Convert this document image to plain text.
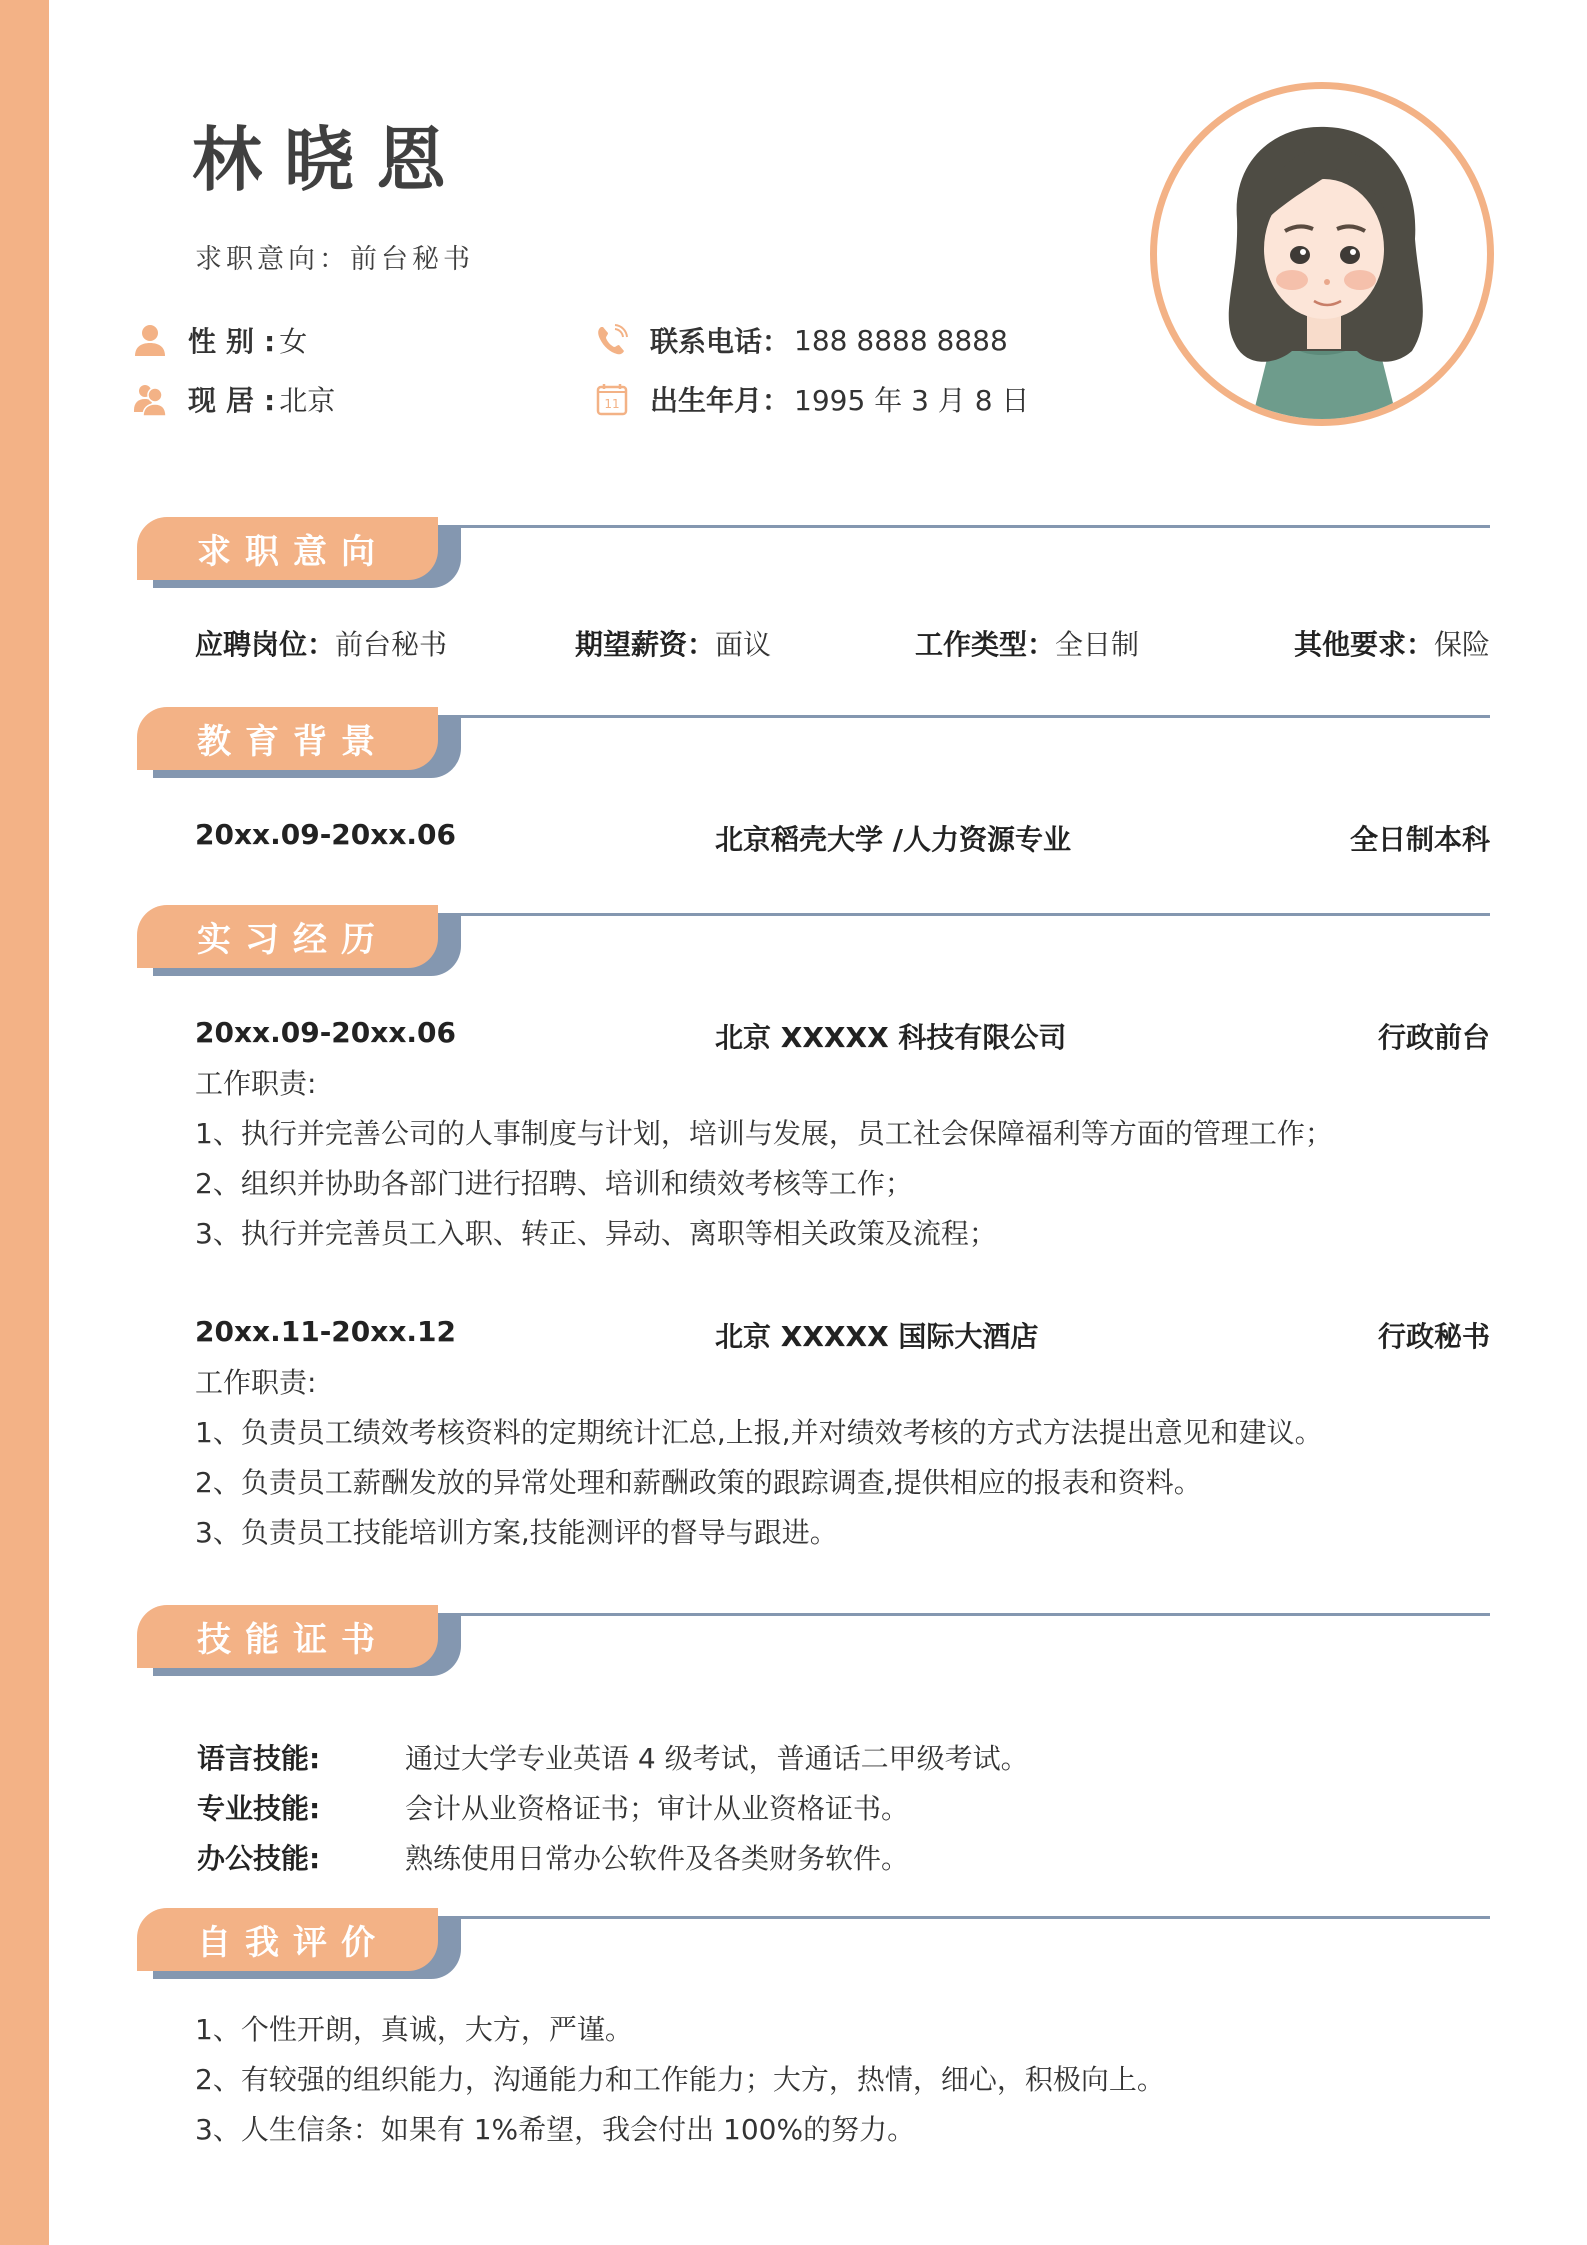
林晓恩
求职意向：前台秘书
性别: 女
现居: 北京
联系电话： 188 8888 8888
11 出生年月： 1995 年 3 月 8 日
求职意向
应聘岗位：前台秘书	期望薪资：面议	工作类型：全日制	其他要求：保险
教育背景
20xx.09-20xx.06	北京稻壳大学 /人力资源专业	全日制本科
实习经历
20xx.09-20xx.06	北京 XXXXX 科技有限公司	行政前台
工作职责:
1、执行并完善公司的人事制度与计划，培训与发展，员工社会保障福利等方面的管理工作；
2、组织并协助各部门进行招聘、培训和绩效考核等工作；
3、执行并完善员工入职、转正、异动、离职等相关政策及流程；
20xx.11-20xx.12	北京 XXXXX 国际大酒店	行政秘书
工作职责:
1、负责员工绩效考核资料的定期统计汇总,上报,并对绩效考核的方式方法提出意见和建议。
2、负责员工薪酬发放的异常处理和薪酬政策的跟踪调查,提供相应的报表和资料。
3、负责员工技能培训方案,技能测评的督导与跟进。
技能证书
语言技能:	通过大学专业英语 4 级考试，普通话二甲级考试。
专业技能:	会计从业资格证书；审计从业资格证书。
办公技能:	熟练使用日常办公软件及各类财务软件。
自我评价
1、个性开朗，真诚，大方，严谨。
2、有较强的组织能力，沟通能力和工作能力；大方，热情，细心，积极向上。
3、人生信条：如果有 1%希望，我会付出 100%的努力。
